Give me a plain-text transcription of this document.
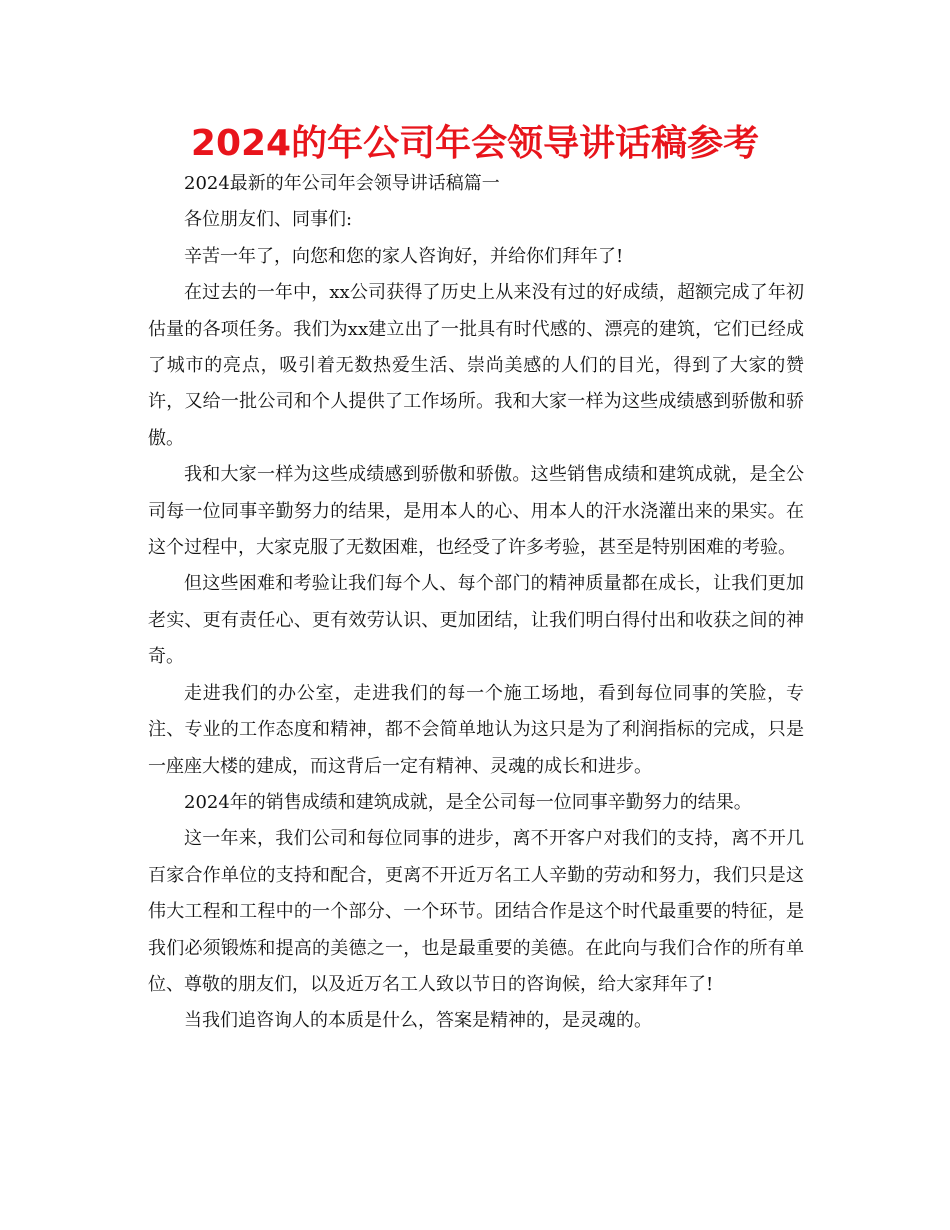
2024的年公司年会领导讲话稿参考

2024最新的年公司年会领导讲话稿篇一

各位朋友们、同事们:

辛苦一年了，向您和您的家人咨询好，并给你们拜年了!

在过去的一年中，xx公司获得了历史上从来没有过的好成绩，超额完成了年初估量的各项任务。我们为xx建立出了一批具有时代感的、漂亮的建筑，它们已经成了城市的亮点，吸引着无数热爱生活、崇尚美感的人们的目光，得到了大家的赞许，又给一批公司和个人提供了工作场所。我和大家一样为这些成绩感到骄傲和骄傲。

我和大家一样为这些成绩感到骄傲和骄傲。这些销售成绩和建筑成就，是全公司每一位同事辛勤努力的结果，是用本人的心、用本人的汗水浇灌出来的果实。在这个过程中，大家克服了无数困难，也经受了许多考验，甚至是特别困难的考验。

但这些困难和考验让我们每个人、每个部门的精神质量都在成长，让我们更加老实、更有责任心、更有效劳认识、更加团结，让我们明白得付出和收获之间的神奇。

走进我们的办公室，走进我们的每一个施工场地，看到每位同事的笑脸，专注、专业的工作态度和精神，都不会简单地认为这只是为了利润指标的完成，只是一座座大楼的建成，而这背后一定有精神、灵魂的成长和进步。

2024年的销售成绩和建筑成就，是全公司每一位同事辛勤努力的结果。

这一年来，我们公司和每位同事的进步，离不开客户对我们的支持，离不开几百家合作单位的支持和配合，更离不开近万名工人辛勤的劳动和努力，我们只是这伟大工程和工程中的一个部分、一个环节。团结合作是这个时代最重要的特征，是我们必须锻炼和提高的美德之一，也是最重要的美德。在此向与我们合作的所有单位、尊敬的朋友们，以及近万名工人致以节日的咨询候，给大家拜年了!

当我们追咨询人的本质是什么，答案是精神的，是灵魂的。
